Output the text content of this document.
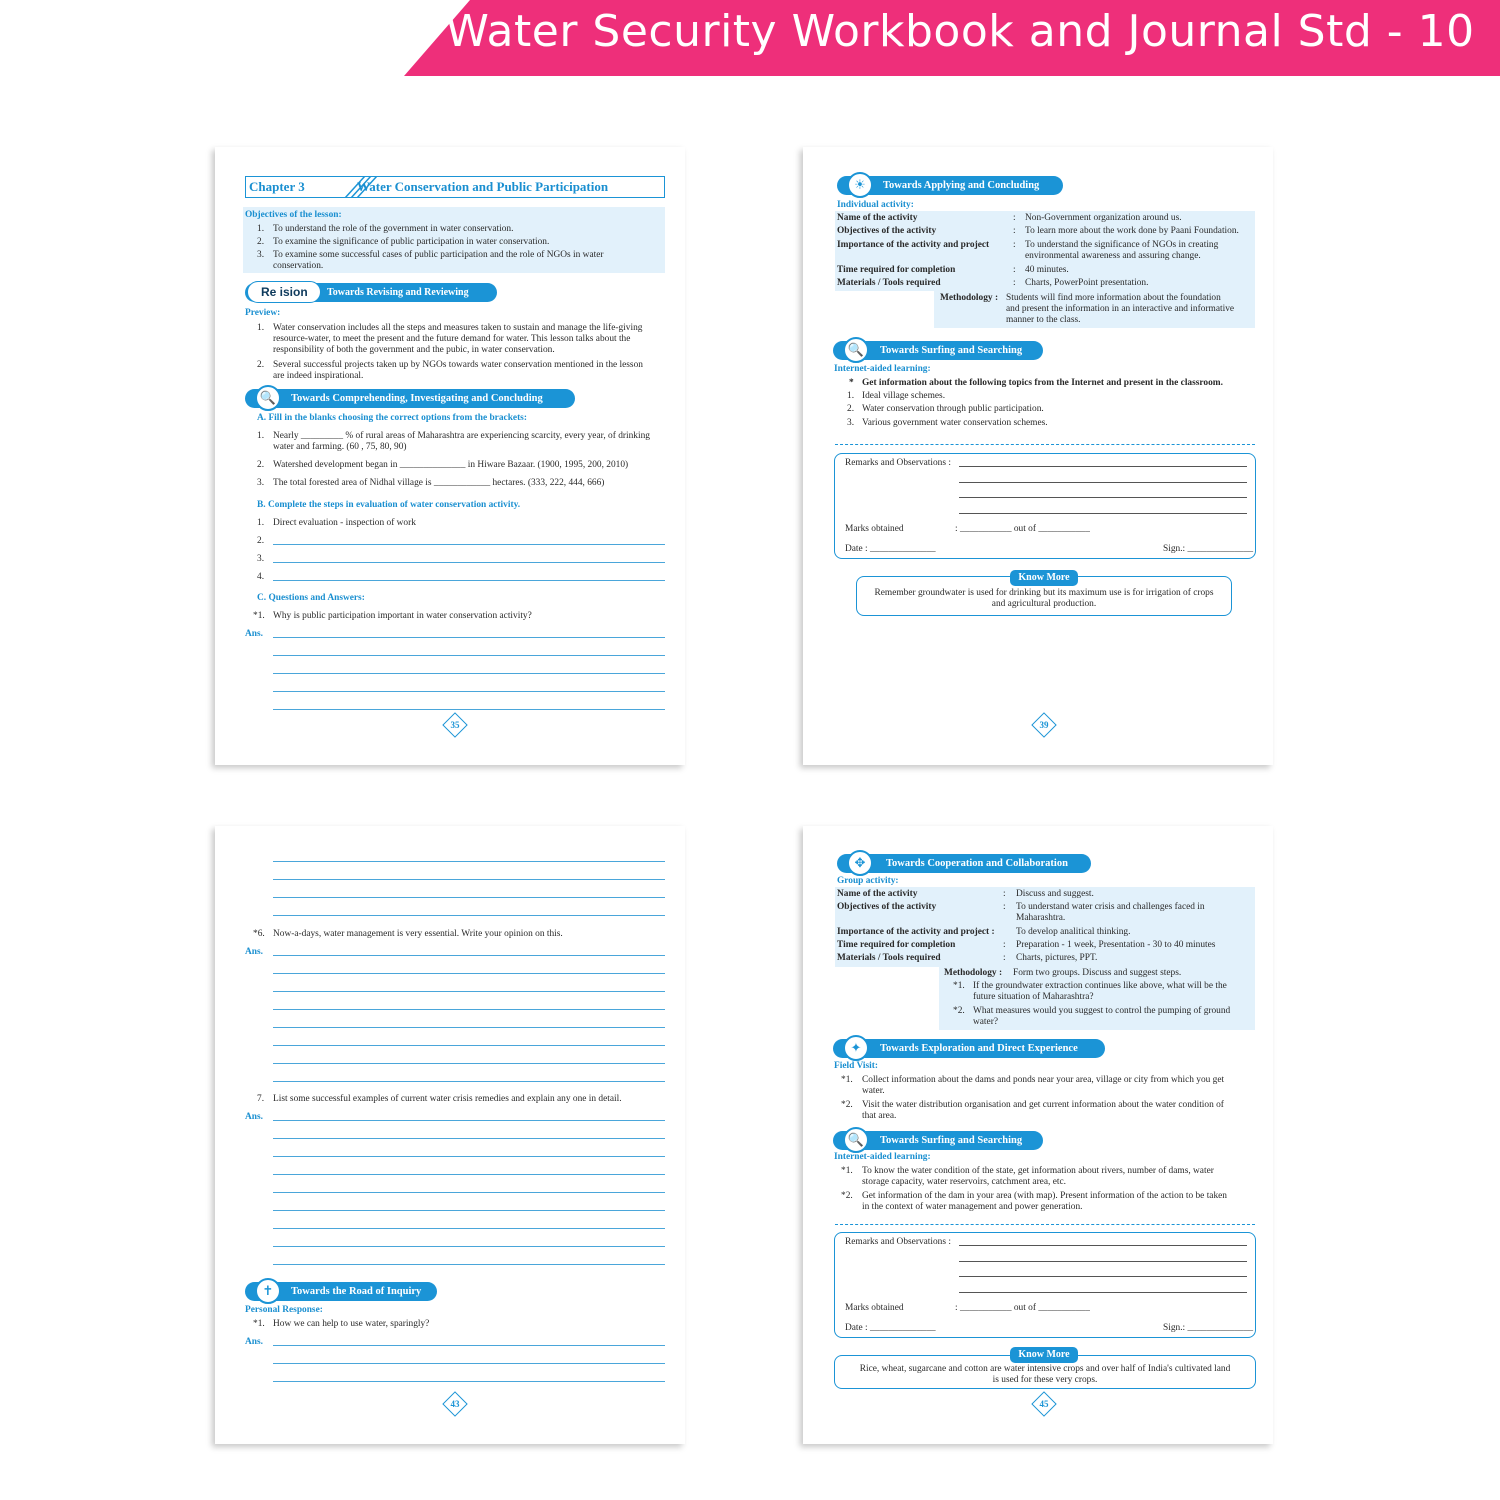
Water Security Workbook and Journal Std - 10
Chapter 3	Water Conservation and Public Participation
Objectives of the lesson:
1. To understand the role of the government in water conservation.
2. To examine the significance of public participation in water conservation.
3. To examine some successful cases of public participation and the role of NGOs in water
conservation.
Re ision Towards Revising and Reviewing
Preview:
1. Water conservation includes all the steps and measures taken to sustain and manage the life-giving
resource-water, to meet the present and the future demand for water. This lesson talks about the
responsibility of both the government and the pubic, in water conservation.
2. Several successful projects taken up by NGOs towards water conservation mentioned in the lesson
are indeed inspirational.
🔍	Towards Comprehending, Investigating and Concluding
A. Fill in the blanks choosing the correct options from the brackets:
1. Nearly _________ % of rural areas of Maharashtra are experiencing scarcity, every year, of drinking
water and farming. (60 , 75, 80, 90)
2. Watershed development began in ______________ in Hiware Bazaar. (1900, 1995, 200, 2010)
3. The total forested area of Nidhal village is ____________ hectares. (333, 222, 444, 666)
B. Complete the steps in evaluation of water conservation activity.
1. Direct evaluation - inspection of work
2.
3.
4.
C. Questions and Answers:
*1. Why is public participation important in water conservation activity?
Ans.
35
☀	Towards Applying and Concluding
Individual activity:
Name of the activity	: Non-Government organization around us.
Objectives of the activity	: To learn more about the work done by Paani Foundation.
Importance of the activity and project	: To understand the significance of NGOs in creating
environmental awareness and assuring change.
Time required for completion	: 40 minutes.
Materials / Tools required	: Charts, PowerPoint presentation.
Methodology : Students will find more information about the foundation
and present the information in an interactive and informative
manner to the class.
🔍	Towards Surfing and Searching
Internet-aided learning:
* Get information about the following topics from the Internet and present in the classroom.
1. Ideal village schemes.
2. Water conservation through public participation.
3. Various government water conservation schemes.
Remarks and Observations :
Marks obtained	: ___________ out of ___________
Date : ______________	Sign.: ______________
Know More
Remember groundwater is used for drinking but its maximum use is for irrigation of crops
and agricultural production.
39
*6. Now-a-days, water management is very essential. Write your opinion on this.
Ans.
7. List some successful examples of current water crisis remedies and explain any one in detail.
Ans.
✝	Towards the Road of Inquiry
Personal Response:
*1. How we can help to use water, sparingly?
Ans.
43
✥	Towards Cooperation and Collaboration
Group activity:
Name of the activity	: Discuss and suggest.
Objectives of the activity	: To understand water crisis and challenges faced in
Maharashtra.
Importance of the activity and project : To develop analitical thinking.
Time required for completion	: Preparation - 1 week, Presentation - 30 to 40 minutes
Materials / Tools required	: Charts, pictures, PPT.
Methodology : Form two groups. Discuss and suggest steps.
*1. If the groundwater extraction continues like above, what will be the
future situation of Maharashtra?
*2. What measures would you suggest to control the pumping of ground
water?
✦	Towards Exploration and Direct Experience
Field Visit:
*1. Collect information about the dams and ponds near your area, village or city from which you get
water.
*2. Visit the water distribution organisation and get current information about the water condition of
that area.
🔍	Towards Surfing and Searching
Internet-aided learning:
*1. To know the water condition of the state, get information about rivers, number of dams, water
storage capacity, water reservoirs, catchment area, etc.
*2. Get information of the dam in your area (with map). Present information of the action to be taken
in the context of water management and power generation.
Remarks and Observations :
Marks obtained	: ___________ out of ___________
Date : ______________	Sign.: ______________
Know More
Rice, wheat, sugarcane and cotton are water intensive crops and over half of India's cultivated land
is used for these very crops.
45
